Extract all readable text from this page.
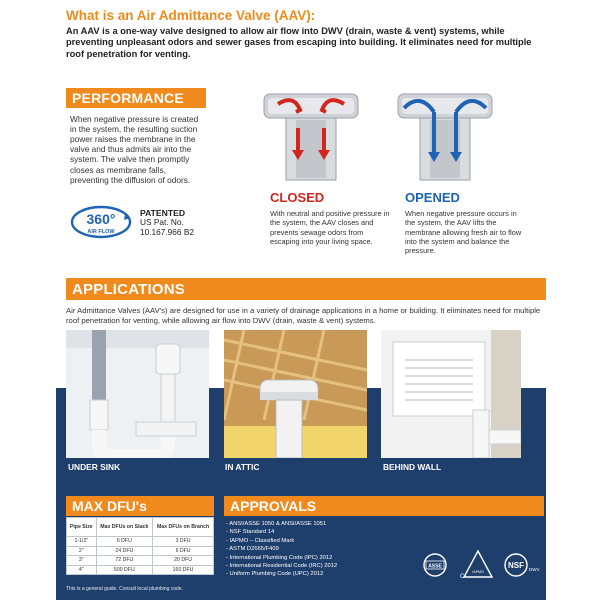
What is an Air Admittance Valve (AAV):
An AAV is a one-way valve designed to allow air flow into DWV (drain, waste & vent) systems, while preventing unpleasant odors and sewer gases from escaping into building. It eliminates need for multiple roof penetration for venting.
PERFORMANCE
When negative pressure is created in the system, the resulting suction power raises the membrane in the valve and thus admits air into the system. The valve then promptly closes as membrane falls, preventing the diffusion of odors.
360°
AIR FLOW
PATENTED
US Pat. No.
10.167.966 B2
CLOSED
With neutral and positive pressure in the system, the AAV closes and prevents sewage odors from escaping into your living space.
OPENED
When negative pressure occurs in the system, the AAV lifts the membrane allowing fresh air to flow into the system and balance the pressure.
APPLICATIONS
Air Admittance Valves (AAV's) are designed for use in a variety of drainage applications in a home or building. It eliminates need for multiple roof penetration for venting, while allowing air flow into DWV (drain, waste & vent) systems.
UNDER SINK	IN ATTIC	BEHIND WALL
MAX DFU's
Pipe Size	Max DFUs on Stack	Max DFUs on Branch
1-1/2"	6 DFU	3 DFU
2"	24 DFU	6 DFU
3"	72 DFU	20 DFU
4"	500 DFU	160 DFU
This is a general guide. Consult local plumbing code.
APPROVALS
- ANSI/ASSE 1050 & ANSI/ASSE 1051
- NSF Standard 14
- IAPMO – Classified Mark
- ASTM D2665/F409
- International Plumbing Code (IPC) 2012
- International Residential Code (IRC) 2012
- Uniform Plumbing Code (UPC) 2012
ASSE
IAPMO
C
NSF DWV
